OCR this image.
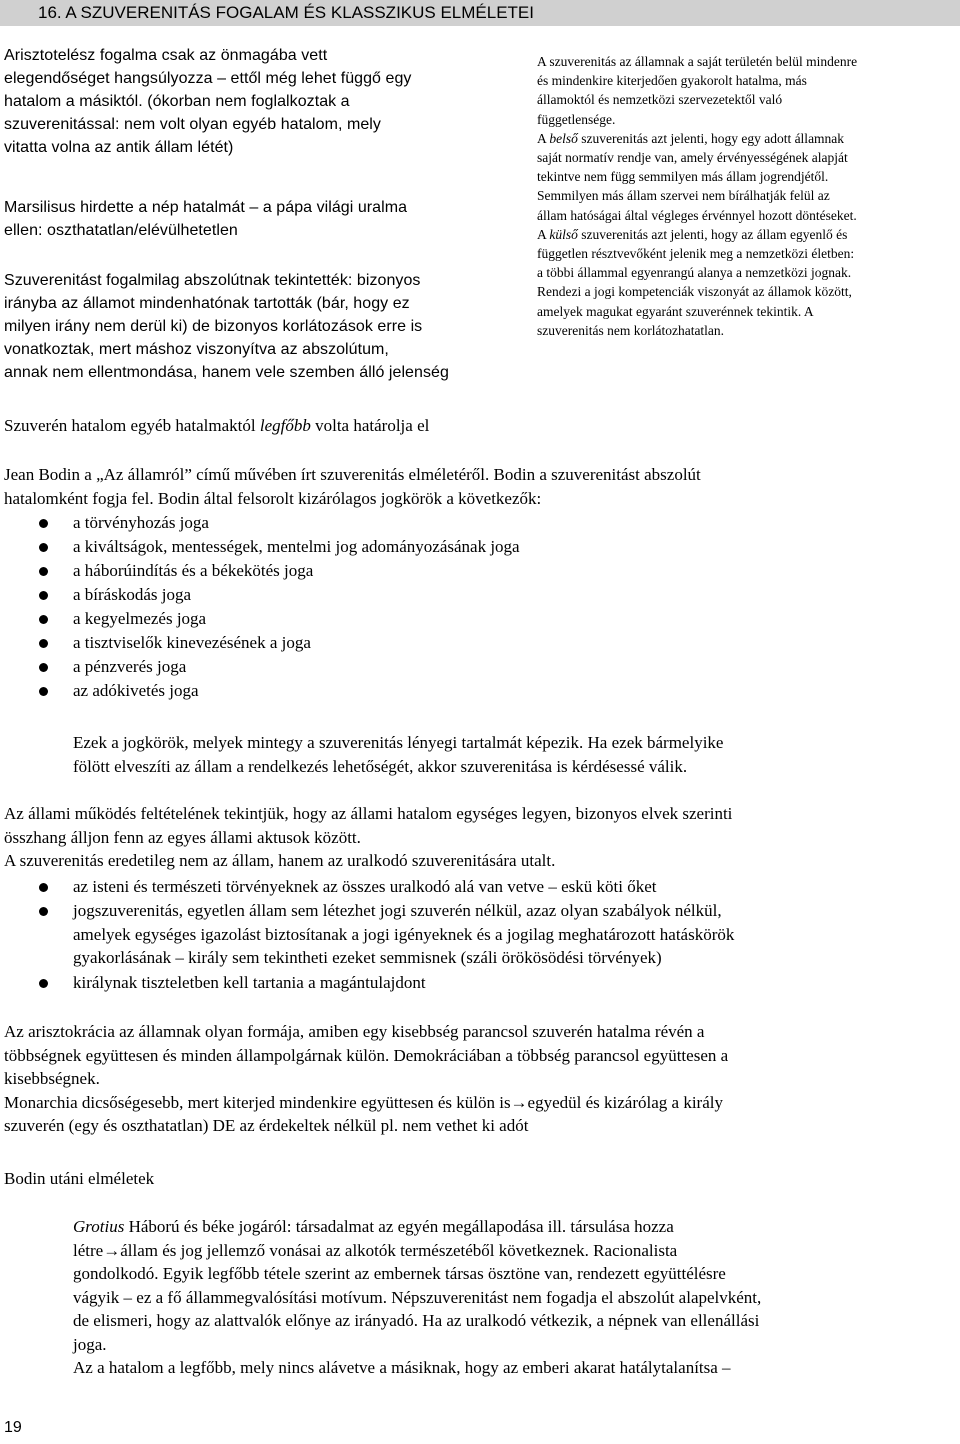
16. A SZUVERENITÁS FOGALAM ÉS KLASSZIKUS ELMÉLETEI
Arisztotelész fogalma csak az önmagába vett
elegendőséget hangsúlyozza – ettől még lehet függő egy
hatalom a másiktól. (ókorban nem foglalkoztak a
szuverenitással: nem volt olyan egyéb hatalom, mely
vitatta volna az antik állam létét)
Marsilisus hirdette a nép hatalmát – a pápa világi uralma
ellen: oszthatatlan/elévülhetetlen
Szuverenitást fogalmilag abszolútnak tekintették: bizonyos
irányba az államot mindenhatónak tartották (bár, hogy ez
milyen irány nem derül ki) de bizonyos korlátozások erre is
vonatkoztak, mert máshoz viszonyítva az abszolútum,
annak nem ellentmondása, hanem vele szemben álló jelenség
A szuverenitás az államnak a saját területén belül mindenre
és mindenkire kiterjedően gyakorolt hatalma, más
államoktól és nemzetközi szervezetektől való
függetlensége.
A belső szuverenitás azt jelenti, hogy egy adott államnak
saját normatív rendje van, amely érvényességének alapját
tekintve nem függ semmilyen más állam jogrendjétől.
Semmilyen más állam szervei nem bírálhatják felül az
állam hatóságai által végleges érvénnyel hozott döntéseket.
A külső szuverenitás azt jelenti, hogy az állam egyenlő és
független résztvevőként jelenik meg a nemzetközi életben:
a többi állammal egyenrangú alanya a nemzetközi jognak.
Rendezi a jogi kompetenciák viszonyát az államok között,
amelyek magukat egyaránt szuverénnek tekintik. A
szuverenitás nem korlátozhatatlan.
Szuverén hatalom egyéb hatalmaktól legfőbb volta határolja el
Jean Bodin a „Az államról” című művében írt szuverenitás elméletéről. Bodin a szuverenitást abszolút
hatalomként fogja fel. Bodin által felsorolt kizárólagos jogkörök a következők:
a törvényhozás joga
a kiváltságok, mentességek, mentelmi jog adományozásának joga
a háborúindítás és a békekötés joga
a bíráskodás joga
a kegyelmezés joga
a tisztviselők kinevezésének a joga
a pénzverés joga
az adókivetés joga
Ezek a jogkörök, melyek mintegy a szuverenitás lényegi tartalmát képezik. Ha ezek bármelyike
fölött elveszíti az állam a rendelkezés lehetőségét, akkor szuverenitása is kérdésessé válik.
Az állami működés feltételének tekintjük, hogy az állami hatalom egységes legyen, bizonyos elvek szerinti
összhang álljon fenn az egyes állami aktusok között.
A szuverenitás eredetileg nem az állam, hanem az uralkodó szuverenitására utalt.
az isteni és természeti törvényeknek az összes uralkodó alá van vetve – eskü köti őket
jogszuverenitás, egyetlen állam sem létezhet jogi szuverén nélkül, azaz olyan szabályok nélkül,
amelyek egységes igazolást biztosítanak a jogi igényeknek és a jogilag meghatározott hatáskörök
gyakorlásának – király sem tekintheti ezeket semmisnek (száli örökösödési törvények)
királynak tiszteletben kell tartania a magántulajdont
Az arisztokrácia az államnak olyan formája, amiben egy kisebbség parancsol szuverén hatalma révén a
többségnek együttesen és minden állampolgárnak külön. Demokráciában a többség parancsol együttesen a
kisebbségnek.
Monarchia dicsőségesebb, mert kiterjed mindenkire együttesen és külön is→egyedül és kizárólag a király
szuverén (egy és oszthatatlan) DE az érdekeltek nélkül pl. nem vethet ki adót
Bodin utáni elméletek
Grotius Háború és béke jogáról: társadalmat az egyén megállapodása ill. társulása hozza
létre→állam és jog jellemző vonásai az alkotók természetéből következnek. Racionalista
gondolkodó. Egyik legfőbb tétele szerint az embernek társas ösztöne van, rendezett együttélésre
vágyik – ez a fő állammegvalósítási motívum. Népszuverenitást nem fogadja el abszolút alapelvként,
de elismeri, hogy az alattvalók előnye az irányadó. Ha az uralkodó vétkezik, a népnek van ellenállási
joga.
Az a hatalom a legfőbb, mely nincs alávetve a másiknak, hogy az emberi akarat hatálytalanítsa –
19
